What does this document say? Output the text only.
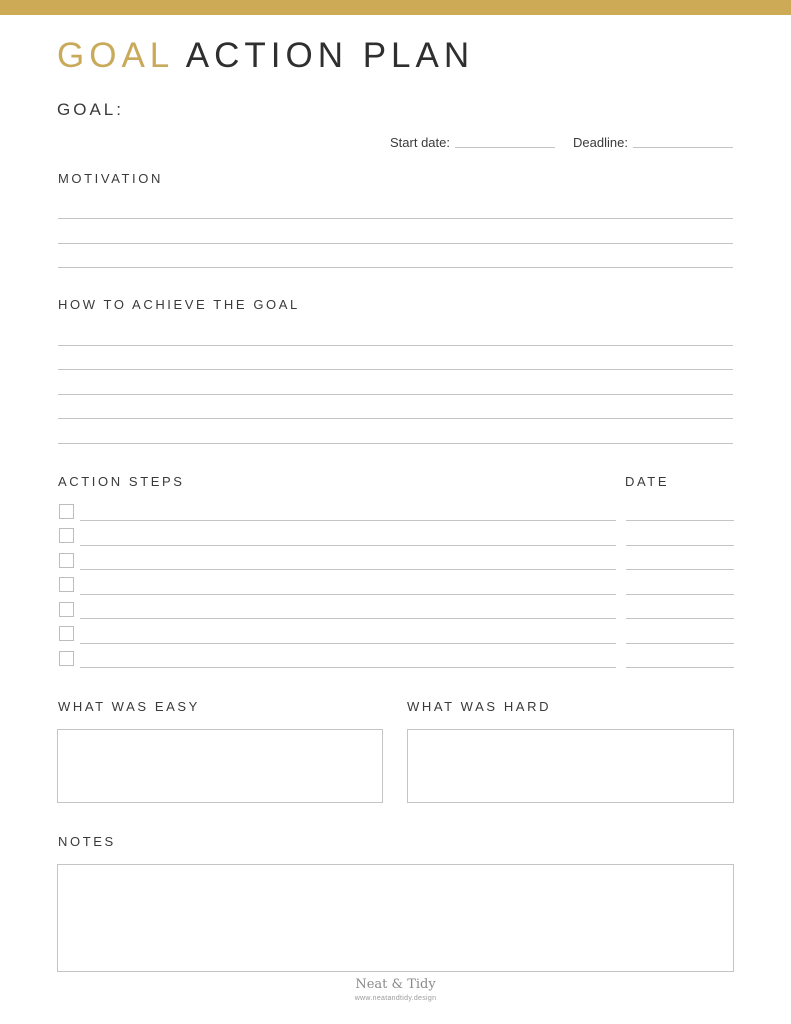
GOAL ACTION PLAN
GOAL:
Start date:	Deadline:
MOTIVATION
HOW TO ACHIEVE THE GOAL
ACTION STEPS	DATE
WHAT WAS EASY	WHAT WAS HARD
NOTES
Neat & Tidy
www.neatandtidy.design
